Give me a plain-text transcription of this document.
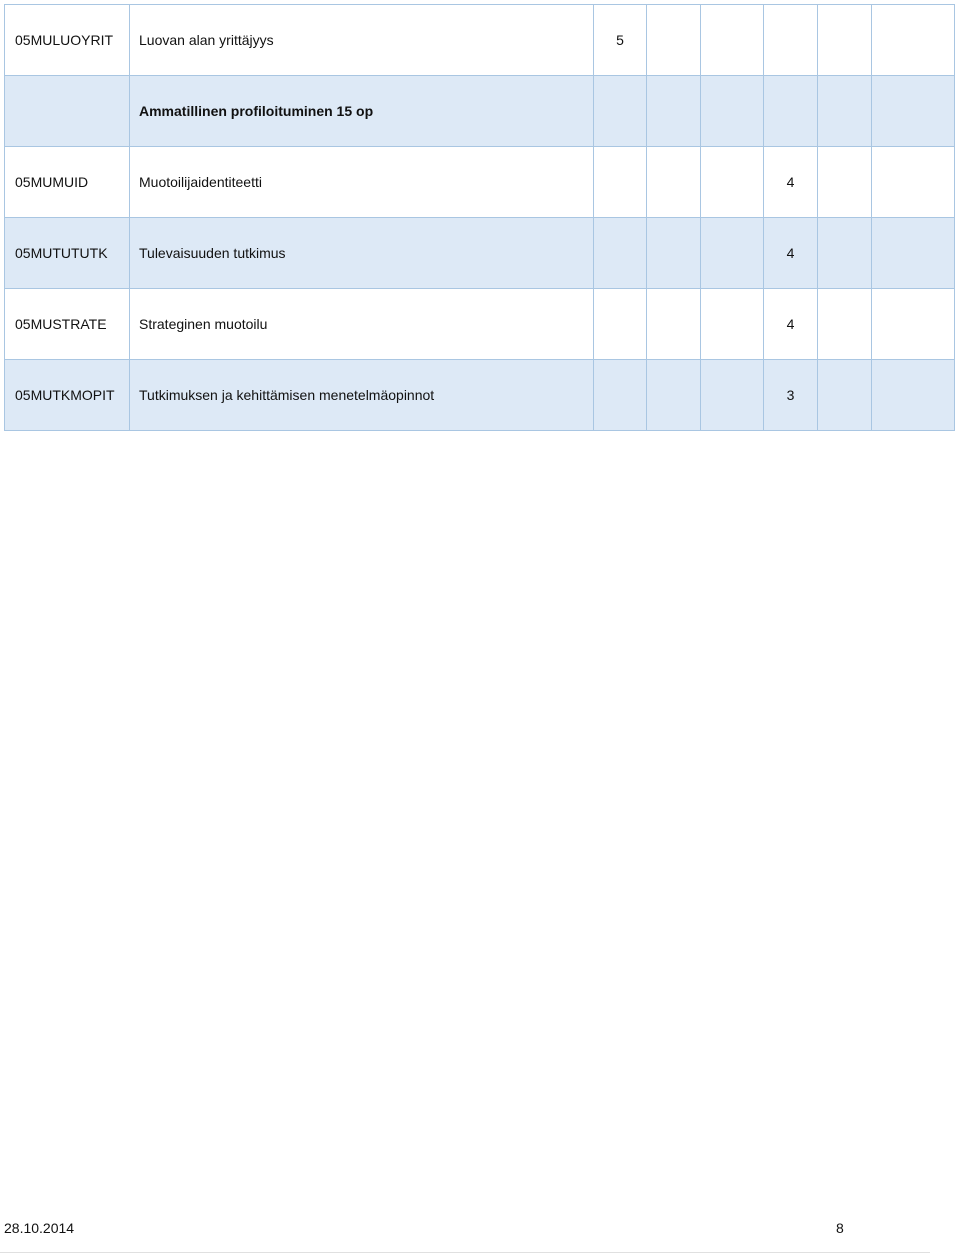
05MULUOYRIT	Luovan alan yrittäjyys	5					
	Ammatillinen profiloituminen 15 op						
05MUMUID	Muotoilijaidentiteetti				4		
05MUTUTUTK	Tulevaisuuden tutkimus				4		
05MUSTRATE	Strateginen muotoilu				4		
05MUTKMOPIT	Tutkimuksen ja kehittämisen menetelmäopinnot				3		
28.10.2014	8
